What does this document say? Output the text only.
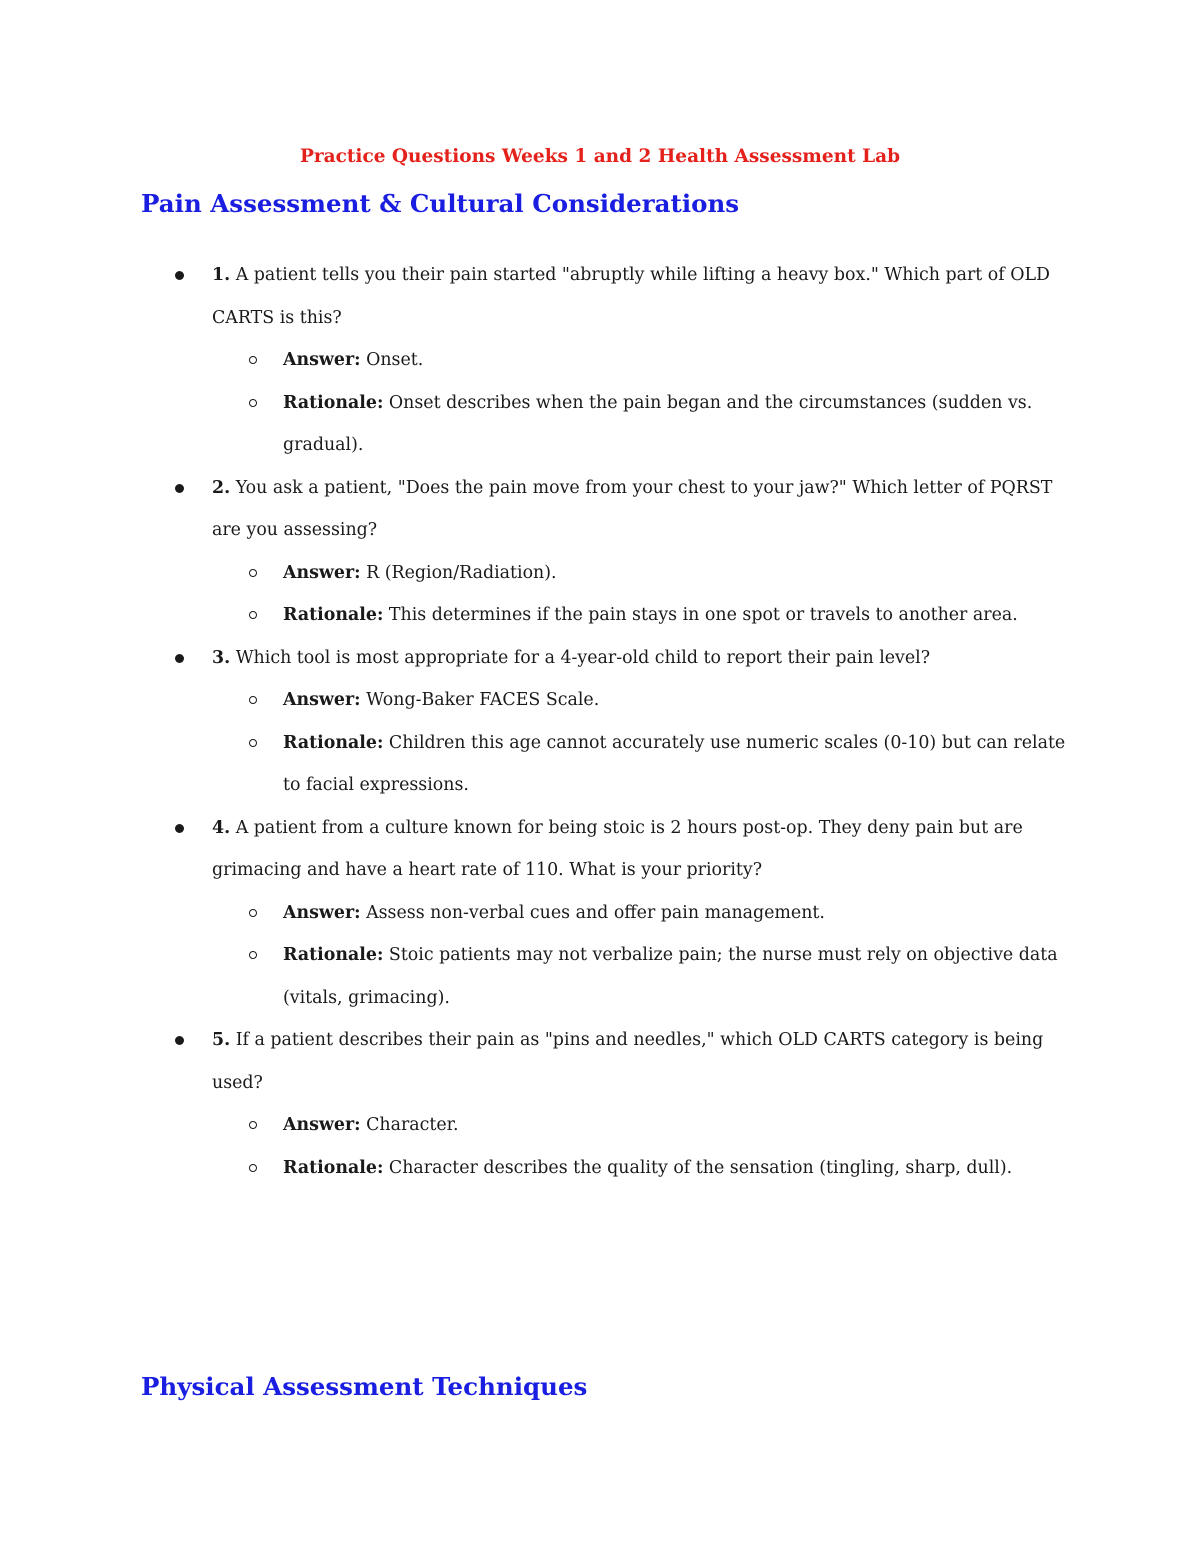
Practice Questions Weeks 1 and 2 Health Assessment Lab
Pain Assessment & Cultural Considerations
1. A patient tells you their pain started "abruptly while lifting a heavy box." Which part of OLD CARTS is this?
Answer: Onset.
Rationale: Onset describes when the pain began and the circumstances (sudden vs. gradual).
2. You ask a patient, "Does the pain move from your chest to your jaw?" Which letter of PQRST are you assessing?
Answer: R (Region/Radiation).
Rationale: This determines if the pain stays in one spot or travels to another area.
3. Which tool is most appropriate for a 4-year-old child to report their pain level?
Answer: Wong-Baker FACES Scale.
Rationale: Children this age cannot accurately use numeric scales (0-10) but can relate to facial expressions.
4. A patient from a culture known for being stoic is 2 hours post-op. They deny pain but are grimacing and have a heart rate of 110. What is your priority?
Answer: Assess non-verbal cues and offer pain management.
Rationale: Stoic patients may not verbalize pain; the nurse must rely on objective data (vitals, grimacing).
5. If a patient describes their pain as "pins and needles," which OLD CARTS category is being used?
Answer: Character.
Rationale: Character describes the quality of the sensation (tingling, sharp, dull).
Physical Assessment Techniques
